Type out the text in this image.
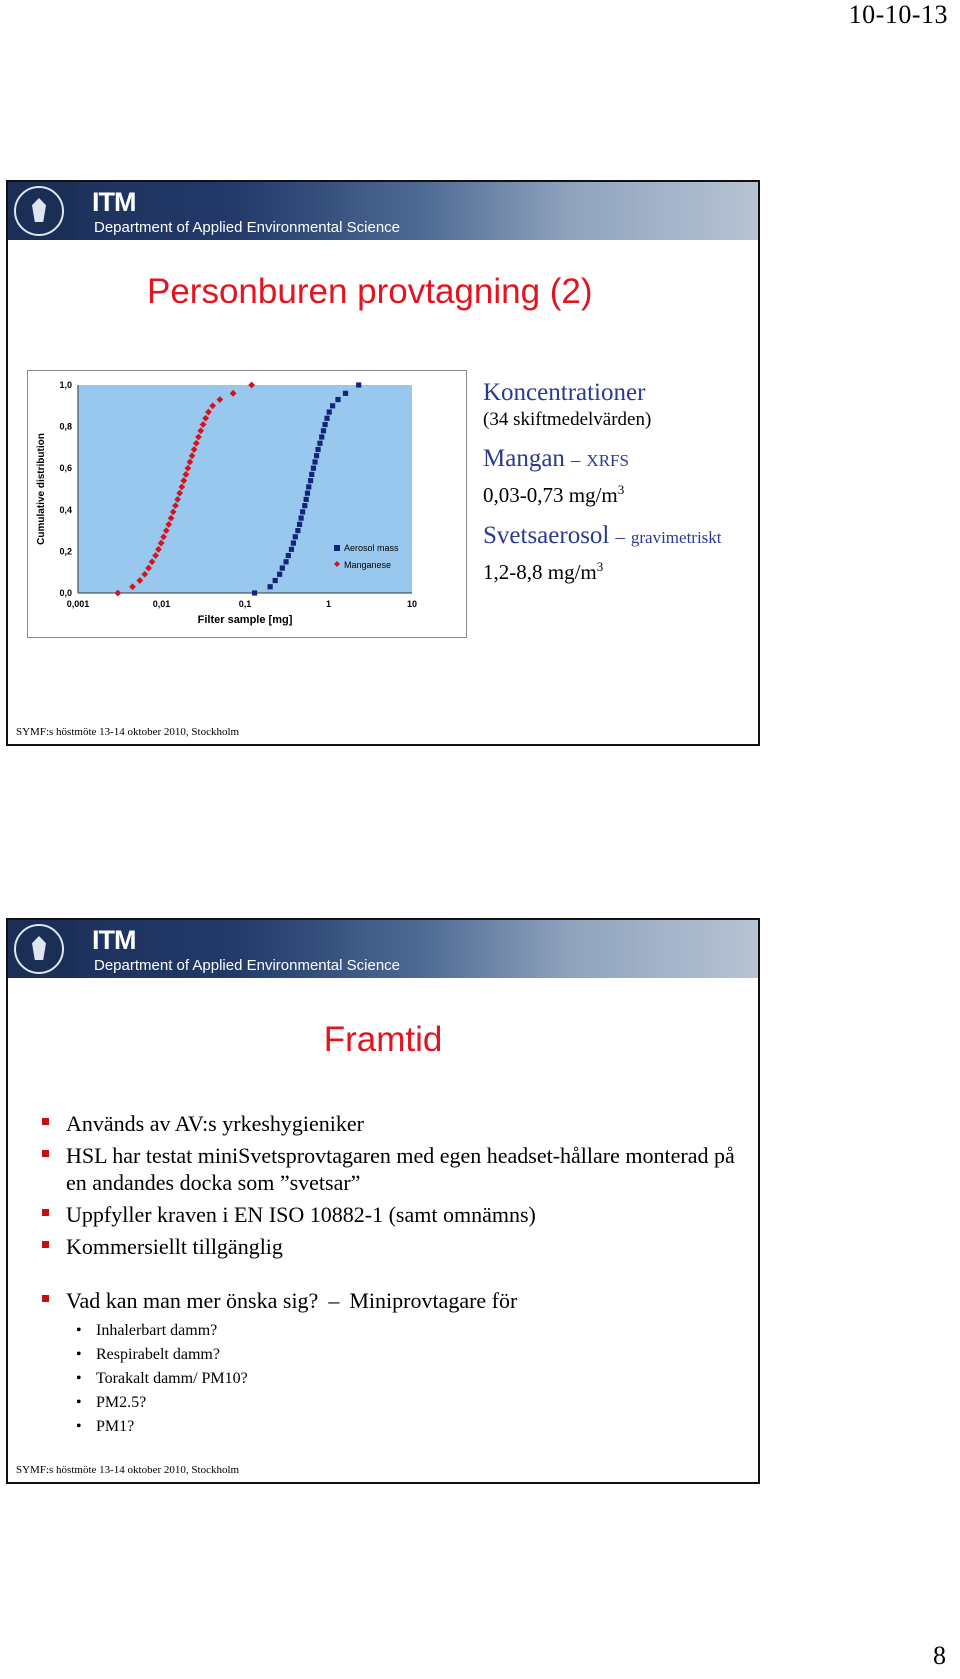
10-10-13
ITM
Department of Applied Environmental Science
Personburen provtagning (2)
0,001	0,01	0,1	1	10
0,0
0,2
0,4
0,6
0,8
1,0
Filter sample [mg]
Cumulative distribution
Aerosol mass
Manganese
Koncentrationer
(34 skiftmedelvärden)
Mangan – XRFS
0,03-0,73 $mg/m^3$
Svetsaerosol – gravimetriskt
1,2-8,8 $mg/m^3$
SYMF:s höstmöte 13-14 oktober 2010, Stockholm
ITM
Department of Applied Environmental Science
Framtid
Används av AV:s yrkeshygieniker
HSL har testat miniSvetsprovtagaren med egen headset-hållare monterad på en andandes docka som ”svetsar”
Uppfyller kraven i EN ISO 10882-1 (samt omnämns)
Kommersiellt tillgänglig
Vad kan man mer önska sig? – Miniprovtagare för
• Inhalerbart damm?
• Respirabelt damm?
• Torakalt damm/ PM10?
• PM2.5?
• PM1?
SYMF:s höstmöte 13-14 oktober 2010, Stockholm
8
